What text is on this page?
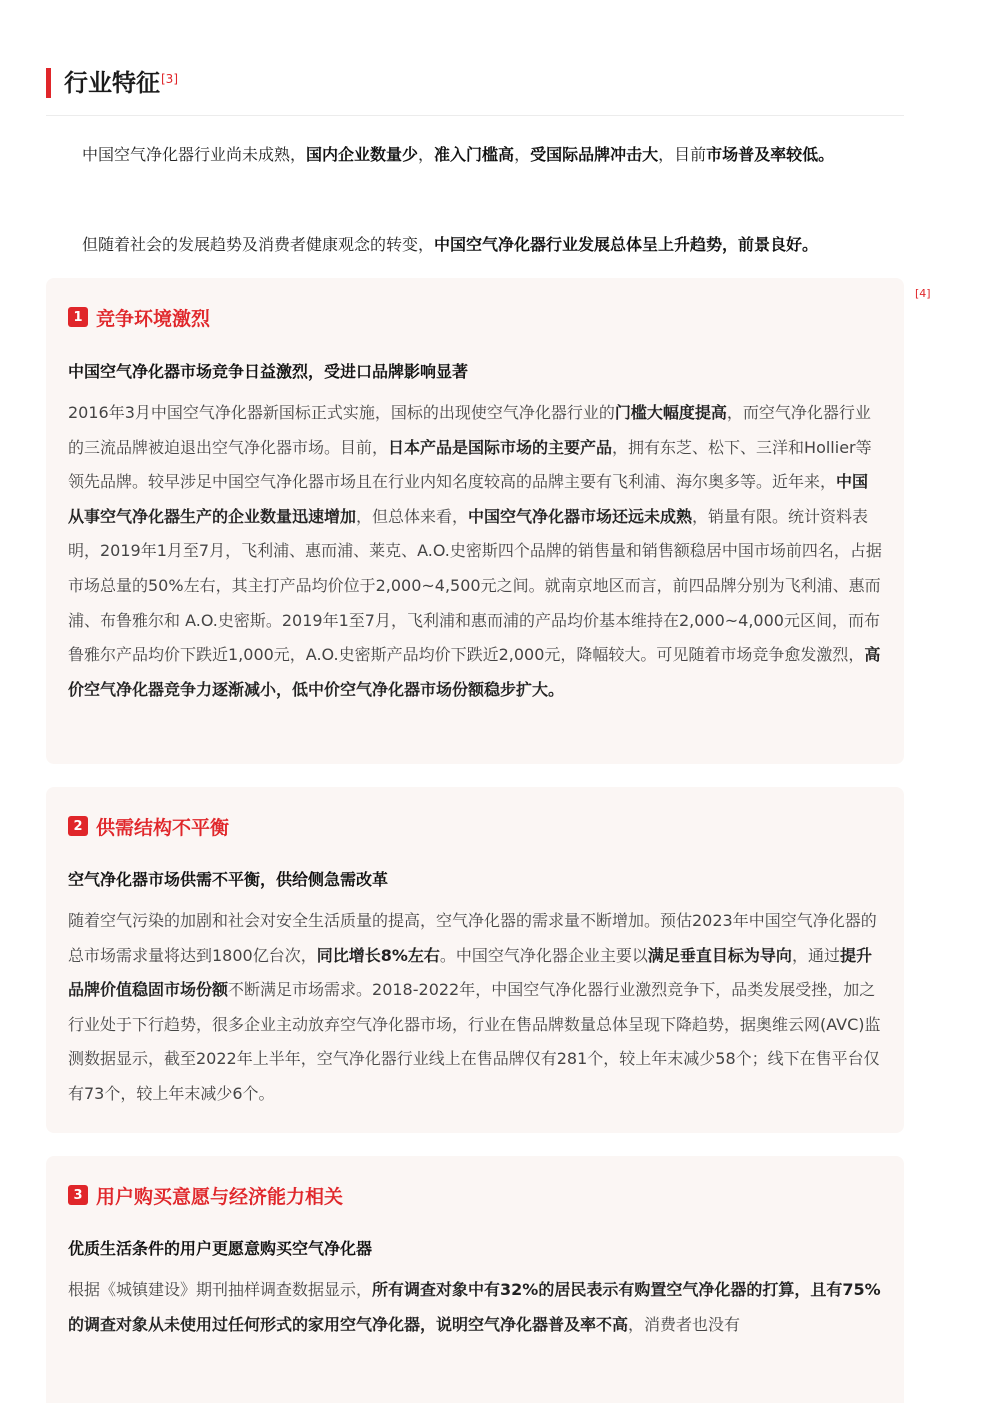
行业特征[3]

中国空气净化器行业尚未成熟，国内企业数量少，准入门槛高，受国际品牌冲击大，目前市场普及率较低。

但随着社会的发展趋势及消费者健康观念的转变，中国空气净化器行业发展总体呈上升趋势，前景良好。

[4]
1 竞争环境激烈
中国空气净化器市场竞争日益激烈，受进口品牌影响显著

2016年3月中国空气净化器新国标正式实施，国标的出现使空气净化器行业的门槛大幅度提高，而空气净化器行业的三流品牌被迫退出空气净化器市场。目前，日本产品是国际市场的主要产品，拥有东芝、松下、三洋和Hollier等领先品牌。较早涉足中国空气净化器市场且在行业内知名度较高的品牌主要有飞利浦、海尔奥多等。近年来，中国从事空气净化器生产的企业数量迅速增加，但总体来看，中国空气净化器市场还远未成熟，销量有限。统计资料表明，2019年1月至7月，飞利浦、惠而浦、莱克、A.O.史密斯四个品牌的销售量和销售额稳居中国市场前四名，占据市场总量的50%左右，其主打产品均价位于2,000~4,500元之间。就南京地区而言，前四品牌分别为飞利浦、惠而浦、布鲁雅尔和 A.O.史密斯。2019年1至7月，飞利浦和惠而浦的产品均价基本维持在2,000~4,000元区间，而布鲁雅尔产品均价下跌近1,000元，A.O.史密斯产品均价下跌近2,000元，降幅较大。可见随着市场竞争愈发激烈，高价空气净化器竞争力逐渐减小，低中价空气净化器市场份额稳步扩大。

2 供需结构不平衡
空气净化器市场供需不平衡，供给侧急需改革

随着空气污染的加剧和社会对安全生活质量的提高，空气净化器的需求量不断增加。预估2023年中国空气净化器的总市场需求量将达到1800亿台次，同比增长8%左右。中国空气净化器企业主要以满足垂直目标为导向，通过提升品牌价值稳固市场份额不断满足市场需求。2018-2022年，中国空气净化器行业激烈竞争下，品类发展受挫，加之行业处于下行趋势，很多企业主动放弃空气净化器市场，行业在售品牌数量总体呈现下降趋势，据奥维云网(AVC)监测数据显示，截至2022年上半年，空气净化器行业线上在售品牌仅有281个，较上年末减少58个；线下在售平台仅有73个，较上年末减少6个。

3 用户购买意愿与经济能力相关
优质生活条件的用户更愿意购买空气净化器

根据《城镇建设》期刊抽样调查数据显示，所有调查对象中有32%的居民表示有购置空气净化器的打算，且有75%的调查对象从未使用过任何形式的家用空气净化器，说明空气净化器普及率不高，消费者也没有
